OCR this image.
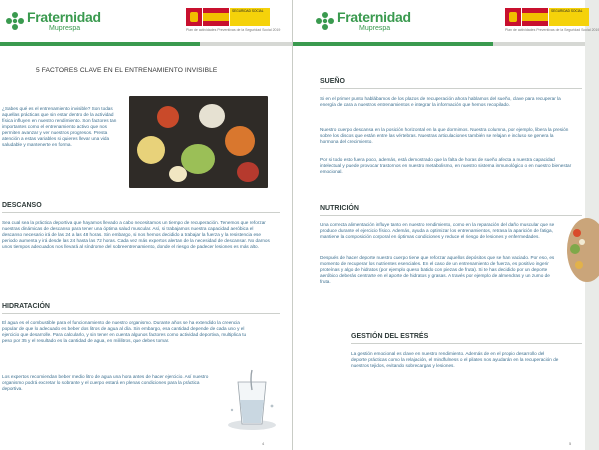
Fraternidad
Muprespa
SEGURIDAD SOCIAL
Plan de actividades Preventivas de la Seguridad Social 2019
5 FACTORES CLAVE EN EL ENTRENAMIENTO INVISIBLE
¿Sabes qué es el entrenamiento invisible? Son todas aquellas prácticas que sin estar dentro de la actividad física influyen en nuestro rendimiento. Son factores tan importantes como el entrenamiento activo que nos permiten avanzar y ver nuestros progresos. Presta atención a estas variables si quieres llevar una vida saludable y mantenerte en forma.
DESCANSO
Sea cual sea la práctica deportiva que hayamos llevado a cabo necesitamos un tiempo de recuperación. Tenemos que reforzar nuestras dinámicas de descanso para tener una óptima salud muscular. Así, si trabajamos nuestra capacidad aeróbica el descanso necesario irá de las 24 a las 48 horas. Sin embargo, si nos hemos decidido a trabajar la fuerza y la resistencia ese periodo aumenta y irá desde las 24 hasta las 72 horas. Cada vez más expertos alertan de la necesidad de descansar. No darnos unos tiempos adecuados nos llevará al síndrome del sobreentrenamiento, donde el riesgo de padecer lesiones es más alto.
HIDRATACIÓN
El agua es el combustible para el funcionamiento de nuestro organismo. Durante años se ha extendido la creencia popular de que lo adecuado es beber dos litros de agua al día. Sin embargo, esa cantidad depende de cada uno y el ejercicio que desarrolle. Para calcularlo, y sin tener en cuenta algunos factores como actividad deportiva, multiplica tu peso por 35 y el resultado es la cantidad de agua, en mililitros, que debes tomar.
Los expertos recomiendan beber medio litro de agua una hora antes de hacer ejercicio. Así nuestro organismo podrá excretar lo sobrante y el cuerpo estará en plenas condiciones para la práctica deportiva.
4
Fraternidad
Muprespa
SEGURIDAD SOCIAL
Plan de actividades Preventivas de la Seguridad Social 2019
SUEÑO
Si en el primer punto hablábamos de los plazos de recuperación ahora hablamos del sueño, clave para recuperar la energía de cara a nuestros entrenamientos e integrar la información que hemos recopilado.
Nuestro cuerpo descansa en la posición horizontal en la que dormimos. Nuestra columna, por ejemplo, libera la presión sobre los discos que están entre las vértebras. Nuestras articulaciones también se relajan e incluso se genera la hormona del crecimiento.
Por si todo esto fuera poco, además, está demostrado que la falta de horas de sueño afecta a nuestra capacidad intelectual y puede provocar trastornos en nuestro metabolismo, en nuestro sistema inmunológico o en nuestro bienestar emocional.
NUTRICIÓN
Una correcta alimentación influye tanto en nuestro rendimiento, como en la reparación del daño muscular que se produce durante el ejercicio físico. Además, ayuda a optimizar los entrenamientos, retrasa la aparición de fatiga, mantiene la composición corporal en óptimas condiciones y reduce el riesgo de lesiones y enfermedades.
Después de hacer deporte nuestro cuerpo tiene que reforzar aquellos depósitos que se han vaciado. Por eso, es momento de recuperar los nutrientes esenciales. En el caso de un entrenamiento de fuerza, es positivo ingerir proteínas y algo de hidratos (por ejemplo queso batido con piezas de fruta). Si te has decidido por un deporte aeróbico deberás centrarte en el aporte de hidratos y grasas. A través por ejemplo de almendras y un zumo de fruta.
GESTIÓN DEL ESTRÉS
La gestión emocional es clave en nuestro rendimiento. Además de en el propio desarrollo del deporte prácticas como la relajación, el mindfulness o el pilates nos ayudarán en la recuperación de nuestros tejidos, evitando sobrecargas y lesiones.
5
